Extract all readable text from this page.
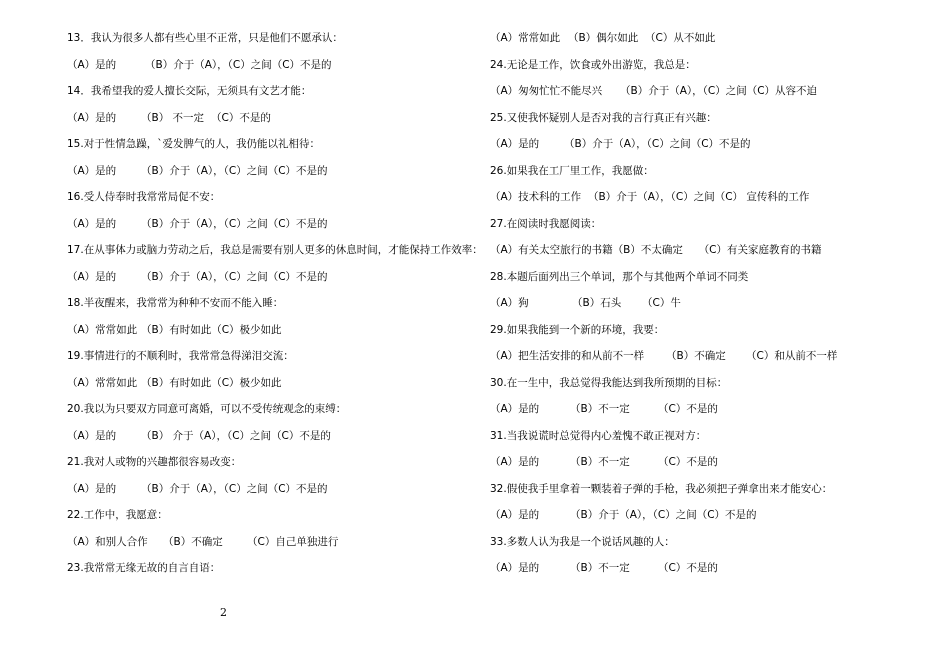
13．我认为很多人都有些心里不正常，只是他们不愿承认：
（A）是的	（B）介于（A），（C）之间 （C）不是的
14．我希望我的爱人擅长交际，无须具有文艺才能：
（A）是的	（B） 不一定 （C）不是的
15.对于性情急躁，`爱发脾气的人，我仍能以礼相待：
（A）是的	（B）介于（A），（C）之间 （C）不是的
16.受人侍奉时我常常局促不安：
（A）是的	（B）介于（A），（C）之间 （C）不是的
17.在从事体力或脑力劳动之后，我总是需要有别人更多的休息时间，才能保持工作效率：
（A）是的	（B）介于（A），（C）之间 （C）不是的
18.半夜醒来，我常常为种种不安而不能入睡：
（A）常常如此 （B）有时如此 （C）极少如此
19.事情进行的不顺利时，我常常急得涕泪交流：
（A）常常如此 （B）有时如此 （C）极少如此
20.我以为只要双方同意可离婚，可以不受传统观念的束缚：
（A）是的	（B） 介于（A），（C）之间 （C）不是的
21.我对人或物的兴趣都很容易改变：
（A）是的	（B）介于（A），（C）之间 （C）不是的
22.工作中，我愿意：
（A）和别人合作	（B）不确定	（C）自己单独进行
23.我常常无缘无故的自言自语：
（A）常常如此 （B）偶尔如此 （C）从不如此
24.无论是工作，饮食或外出游览，我总是：
（A）匆匆忙忙不能尽兴	（B）介于（A），（C）之间 （C）从容不迫
25.又使我怀疑别人是否对我的言行真正有兴趣：
（A）是的	（B）介于（A），（C）之间 （C）不是的
26.如果我在工厂里工作，我愿做：
（A）技术科的工作 （B）介于（A），（C）之间 （C） 宣传科的工作
27.在阅读时我愿阅读：
（A）有关太空旅行的书籍 （B）不太确定	（C）有关家庭教育的书籍
28.本题后面列出三个单词，那个与其他两个单词不同类
（A）狗	（B）石头	（C）牛
29.如果我能到一个新的环境，我要：
（A）把生活安排的和从前不一样	（B）不确定	（C）和从前不一样
30.在一生中，我总觉得我能达到我所预期的目标：
（A）是的	（B）不一定	（C）不是的
31.当我说谎时总觉得内心羞愧不敢正视对方：
（A）是的	（B）不一定	（C）不是的
32.假使我手里拿着一颗装着子弹的手枪，我必须把子弹拿出来才能安心：
（A）是的	（B）介于（A），（C）之间 （C）不是的
33.多数人认为我是一个说话风趣的人：
（A）是的	（B）不一定	（C）不是的
2
